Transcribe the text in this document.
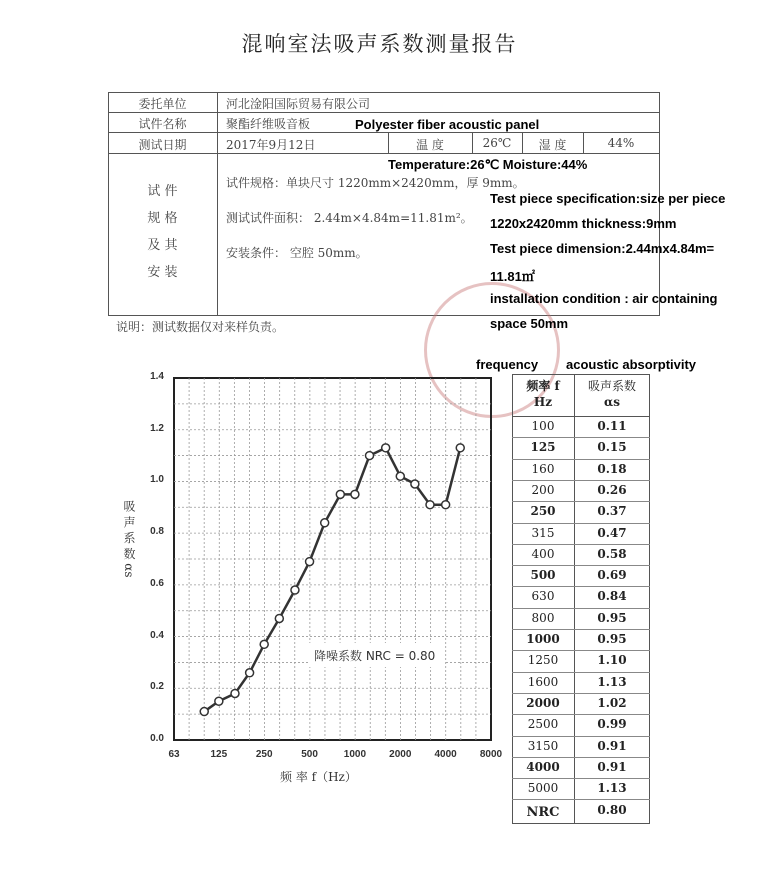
混响室法吸声系数测量报告
委托单位	河北淦阳国际贸易有限公司
试件名称	聚酯纤维吸音板
测试日期	2017年9月12日	温 度	26℃	湿 度	44%
试 件
规 格
及 其
安 装
试件规格：单块尺寸 1220mm×2420mm，厚 9mm。
测试试件面积： 2.44m×4.84m=11.81m²。
安装条件： 空腔 50mm。
说明：测试数据仅对来样负责。
Polyester fiber acoustic panel
Temperature:26℃ Moisture:44%
Test piece specification:size per piece
1220x2420mm thickness:9mm
Test piece dimension:2.44mx4.84m=
11.81㎡
installation condition : air containing
space 50mm
frequency acoustic absorptivity
降噪系数 NRC = 0.80
0.0
0.2
0.4
0.6
0.8
1.0
1.2
1.4
63	125	250	500	1000	2000	4000	8000
吸 声 系 数 αs
频 率 f（Hz）
频率 f
Hz
吸声系数
αs
100	0.11
125	0.15
160	0.18
200	0.26
250	0.37
315	0.47
400	0.58
500	0.69
630	0.84
800	0.95
1000	0.95
1250	1.10
1600	1.13
2000	1.02
2500	0.99
3150	0.91
4000	0.91
5000	1.13
NRC	0.80
